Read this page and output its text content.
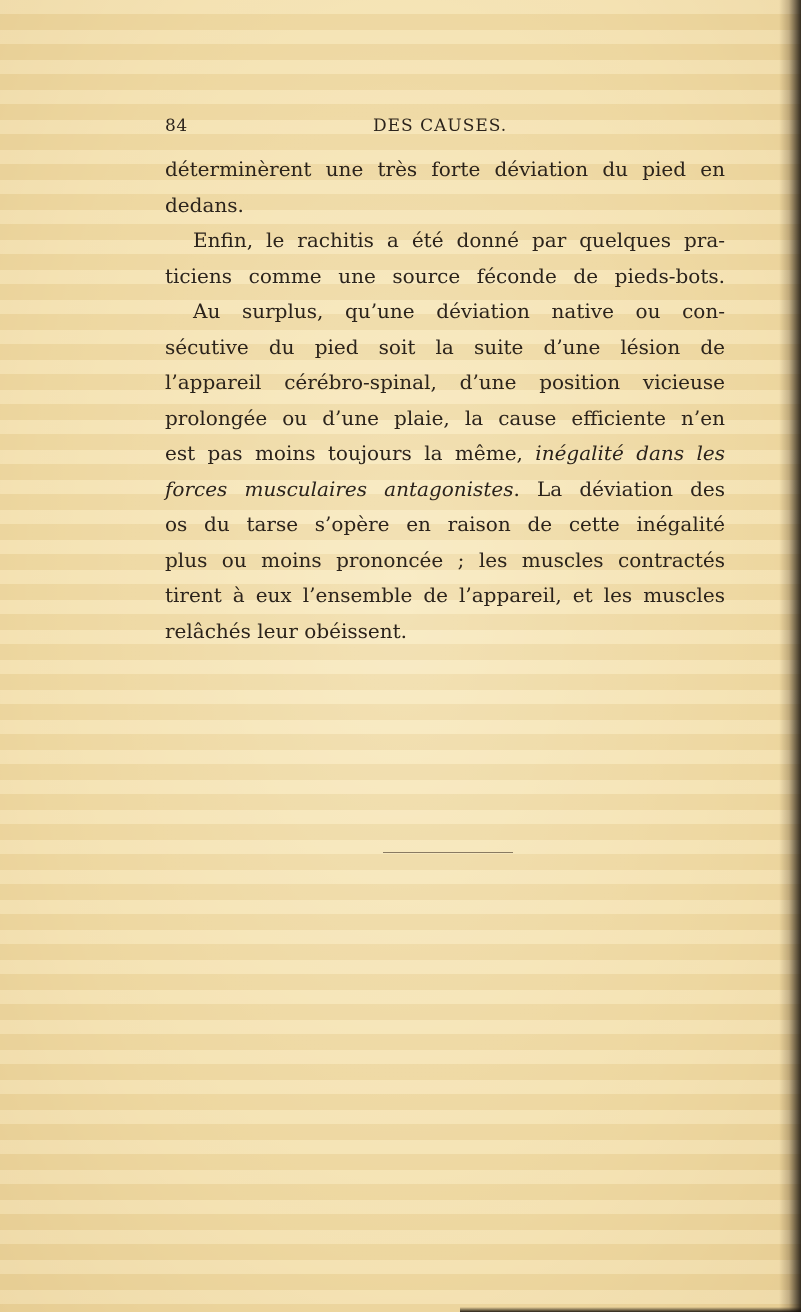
84	DES CAUSES.
déterminèrent une très forte déviation du pied en
dedans.
Enfin, le rachitis a été donné par quelques pra-
ticiens comme une source féconde de pieds-bots.
Au surplus, qu’une déviation native ou con-
sécutive du pied soit la suite d’une lésion de
l’appareil cérébro-spinal, d’une position vicieuse
prolongée ou d’une plaie, la cause efficiente n’en
est pas moins toujours la même, inégalité dans les
forces musculaires antagonistes. La déviation des
os du tarse s’opère en raison de cette inégalité
plus ou moins prononcée ; les muscles contractés
tirent à eux l’ensemble de l’appareil, et les muscles
relâchés leur obéissent.
